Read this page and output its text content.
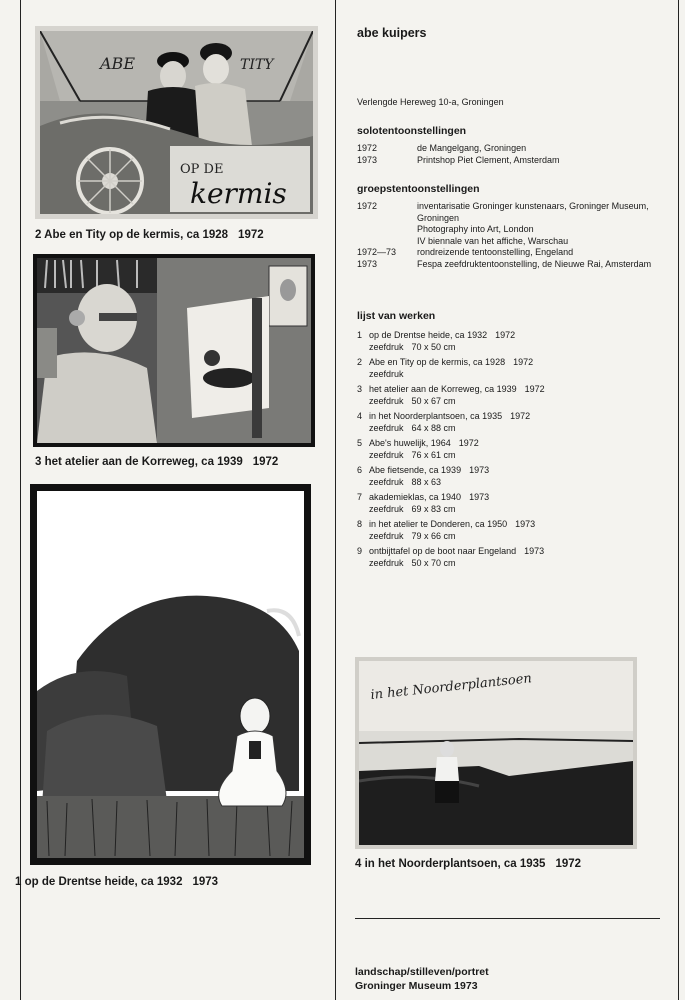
ABE	TITY
OP DE
kermis
2 Abe en Tity op de kermis, ca 1928 1972
3 het atelier aan de Korreweg, ca 1939 1972
1 op de Drentse heide, ca 1932 1973
abe kuipers
Verlengde Hereweg 10-a, Groningen
solotentoonstellingen
1972	de Mangelgang, Groningen
1973	Printshop Piet Clement, Amsterdam
groepstentoonstellingen
1972	inventarisatie Groninger kunstenaars, Groninger Museum, Groningen
Photography into Art, London
IV biennale van het affiche, Warschau
1972—73	rondreizende tentoonstelling, Engeland
1973	Fespa zeefdruktentoonstelling, de Nieuwe Rai, Amsterdam
lijst van werken
1 op de Drentse heide, ca 1932 1972
zeefdruk 70 x 50 cm
2 Abe en Tity op de kermis, ca 1928 1972
zeefdruk
3 het atelier aan de Korreweg, ca 1939 1972
zeefdruk 50 x 67 cm
4 in het Noorderplantsoen, ca 1935 1972
zeefdruk 64 x 88 cm
5 Abe's huwelijk, 1964 1972
zeefdruk 76 x 61 cm
6 Abe fietsende, ca 1939 1973
zeefdruk 88 x 63
7 akademieklas, ca 1940 1973
zeefdruk 69 x 83 cm
8 in het atelier te Donderen, ca 1950 1973
zeefdruk 79 x 66 cm
9 ontbijttafel op de boot naar Engeland 1973
zeefdruk 50 x 70 cm
in het Noorderplantsoen
4 in het Noorderplantsoen, ca 1935 1972
landschap/stilleven/portret
Groninger Museum 1973
